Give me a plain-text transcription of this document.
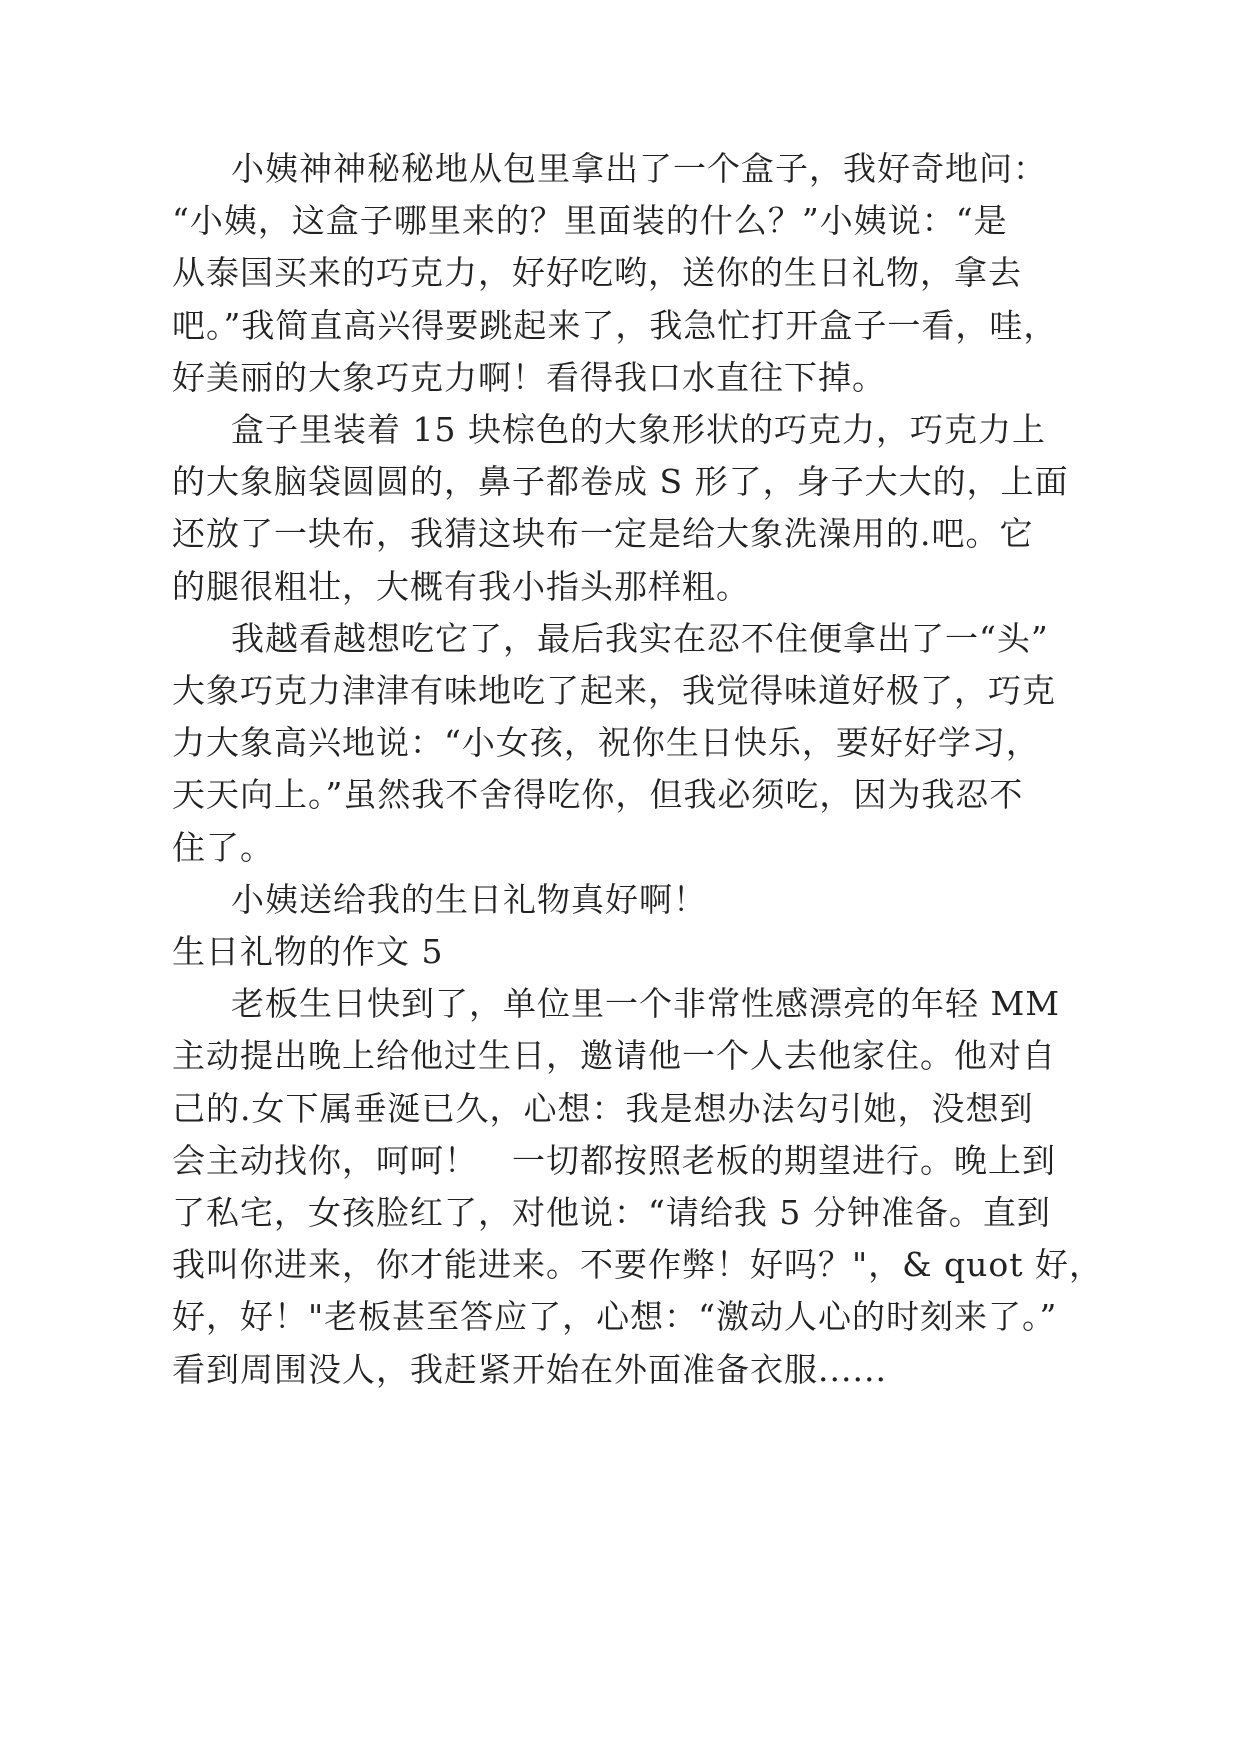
小姨神神秘秘地从包里拿出了一个盒子，我好奇地问：
“小姨，这盒子哪里来的？里面装的什么？”小姨说：“是
从泰国买来的巧克力，好好吃哟，送你的生日礼物，拿去
吧。”我简直高兴得要跳起来了，我急忙打开盒子一看，哇，
好美丽的大象巧克力啊！看得我口水直往下掉。
盒子里装着 15 块棕色的大象形状的巧克力，巧克力上
的大象脑袋圆圆的，鼻子都卷成 S 形了，身子大大的，上面
还放了一块布，我猜这块布一定是给大象洗澡用的.吧。它
的腿很粗壮，大概有我小指头那样粗。
我越看越想吃它了，最后我实在忍不住便拿出了一“头”
大象巧克力津津有味地吃了起来，我觉得味道好极了，巧克
力大象高兴地说：“小女孩，祝你生日快乐，要好好学习，
天天向上。”虽然我不舍得吃你，但我必须吃，因为我忍不
住了。
小姨送给我的生日礼物真好啊！
生日礼物的作文 5
老板生日快到了，单位里一个非常性感漂亮的年轻 MM
主动提出晚上给他过生日，邀请他一个人去他家住。他对自
己的.女下属垂涎已久，心想：我是想办法勾引她，没想到
会主动找你，呵呵！　一切都按照老板的期望进行。晚上到
了私宅，女孩脸红了，对他说：“请给我 5 分钟准备。直到
我叫你进来，你才能进来。不要作弊！好吗？"，& quot 好，
好，好！"老板甚至答应了，心想：“激动人心的时刻来了。”
看到周围没人，我赶紧开始在外面准备衣服......
